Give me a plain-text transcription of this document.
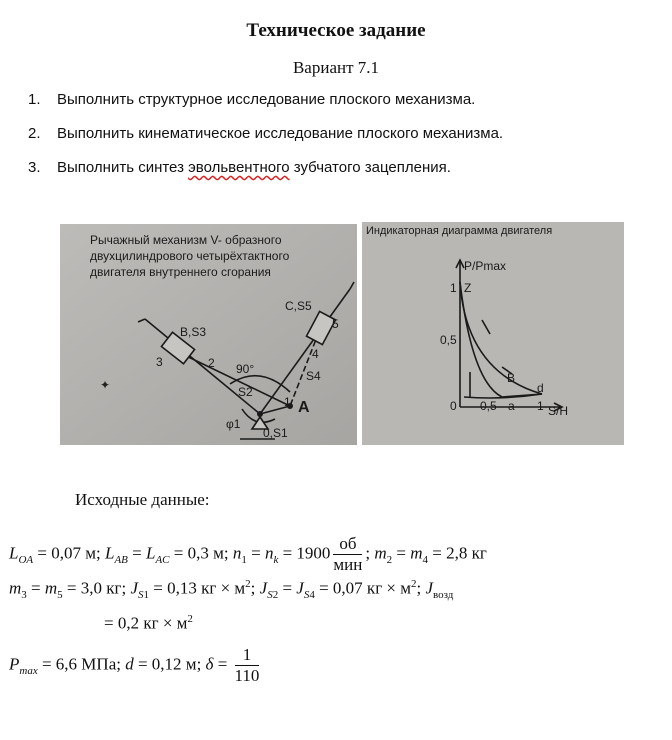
Техническое задание
Вариант 7.1
1. Выполнить структурное исследование плоского механизма.
2. Выполнить кинематическое исследование плоского механизма.
3. Выполнить синтез эвольвентного зубчатого зацепления.
Рычажный механизм V- образного
двухцилиндрового четырёхтактного
двигателя внутреннего сгорания
B,S3
C,S5
3	2
4
5
S4
S2
90°
φ1
0,S1
1 A
✦
Индикаторная диаграмма двигателя
P/Pmax
S/H
1
0,5
0 0,5	1
Z
B
a
d
Исходные данные:
$L_{OA} = 0,07$ м; $L_{AB} = L_{AC} = 0,3$ м; $n_1 = n_k = 1900 \frac{об}{\text{мин}}$ ; $m_2 = m_4 = 2,8$ кг
$m_3 = m_5 = 3,0$ кг; $J_{S1} = 0,13$ кг × $м^2$; $J_{S2} = J_{S4} = 0,07$ кг × $м^2$; $J_{возд}$
= 0,2 кг × $м^2$
$P_{max} = 6,6$ МПа; d = 0,12 м; $\delta = \frac{1}{110}$
